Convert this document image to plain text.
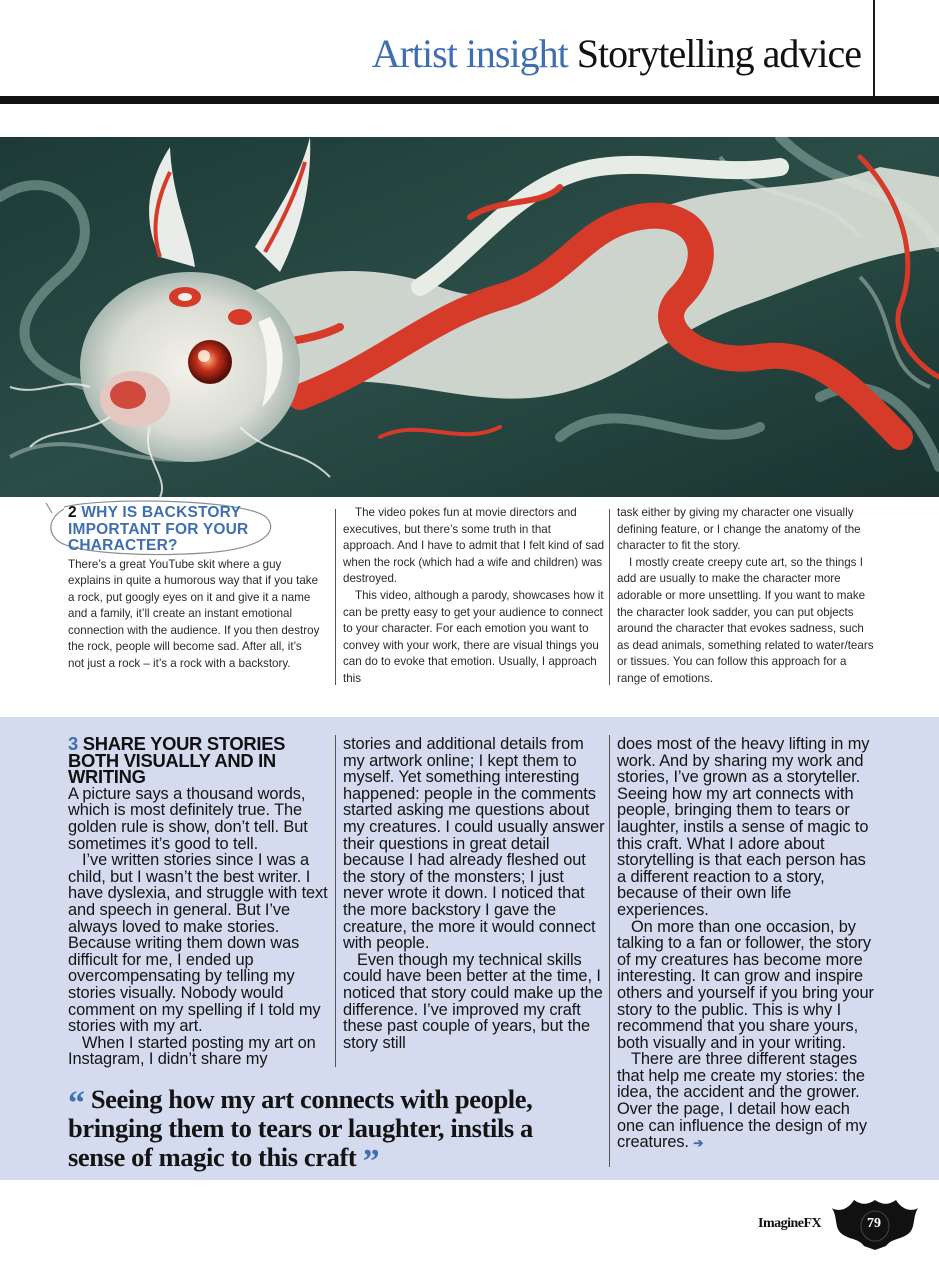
Artist insight Storytelling advice
2 WHY IS BACKSTORY IMPORTANT FOR YOUR CHARACTER?

There’s a great YouTube skit where a guy explains in quite a humorous way that if you take a rock, put googly eyes on it and give it a name and a family, it’ll create an instant emotional connection with the audience. If you then destroy the rock, people will become sad. After all, it’s not just a rock – it’s a rock with a backstory.

The video pokes fun at movie directors and executives, but there’s some truth in that approach. And I have to admit that I felt kind of sad when the rock (which had a wife and children) was destroyed.

This video, although a parody, showcases how it can be pretty easy to get your audience to connect to your character. For each emotion you want to convey with your work, there are visual things you can do to evoke that emotion. Usually, I approach this

task either by giving my character one visually defining feature, or I change the anatomy of the character to fit the story.

I mostly create creepy cute art, so the things I add are usually to make the character more adorable or more unsettling. If you want to make the character look sadder, you can put objects around the character that evokes sadness, such as dead animals, something related to water/tears or tissues. You can follow this approach for a range of emotions.

3 SHARE YOUR STORIES BOTH VISUALLY AND IN WRITING

A picture says a thousand words, which is most definitely true. The golden rule is show, don’t tell. But sometimes it’s good to tell.

I’ve written stories since I was a child, but I wasn’t the best writer. I have dyslexia, and struggle with text and speech in general. But I’ve always loved to make stories. Because writing them down was difficult for me, I ended up overcompensating by telling my stories visually. Nobody would comment on my spelling if I told my stories with my art.

When I started posting my art on Instagram, I didn’t share my

stories and additional details from my artwork online; I kept them to myself. Yet something interesting happened: people in the comments started asking me questions about my creatures. I could usually answer their questions in great detail because I had already fleshed out the story of the monsters; I just never wrote it down. I noticed that the more backstory I gave the creature, the more it would connect with people.

Even though my technical skills could have been better at the time, I noticed that story could make up the difference. I’ve improved my craft these past couple of years, but the story still

does most of the heavy lifting in my work. And by sharing my work and stories, I’ve grown as a storyteller. Seeing how my art connects with people, bringing them to tears or laughter, instils a sense of magic to this craft. What I adore about storytelling is that each person has a different reaction to a story, because of their own life experiences.

On more than one occasion, by talking to a fan or follower, the story of my creatures has become more interesting. It can grow and inspire others and yourself if you bring your story to the public. This is why I recommend that you share yours, both visually and in your writing.

There are three different stages that help me create my stories: the idea, the accident and the grower. Over the page, I detail how each one can influence the design of my creatures. ➔

“ Seeing how my art connects with people, bringing them to tears or laughter, instils a sense of magic to this craft ”
ImagineFX	79
